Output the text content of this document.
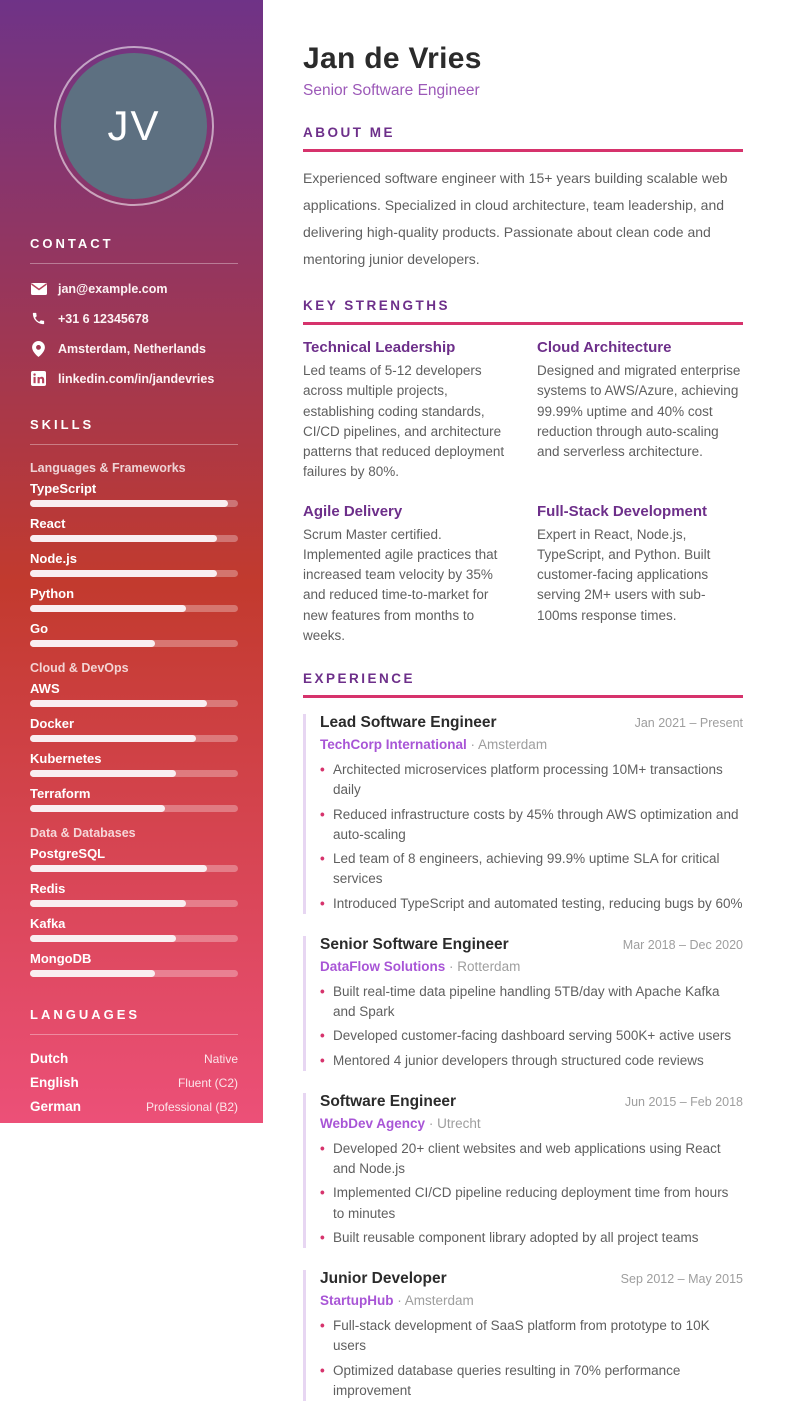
JV
CONTACT
jan@example.com
+31 6 12345678
Amsterdam, Netherlands
linkedin.com/in/jandevries
SKILLS
Languages & Frameworks
TypeScript
React
Node.js
Python
Go
Cloud & DevOps
AWS
Docker
Kubernetes
Terraform
Data & Databases
PostgreSQL
Redis
Kafka
MongoDB
LANGUAGES
Dutch	Native
English	Fluent (C2)
German	Professional (B2)
CERTIFICATIONS
AWS Solutions Architect Professional
Amazon · 2023
Certified Kubernetes Administrator
CNCF · 2022
Professional Scrum Master I
Jan de Vries
Senior Software Engineer
ABOUT ME

Experienced software engineer with 15+ years building scalable web applications. Specialized in cloud architecture, team leadership, and delivering high-quality products. Passionate about clean code and mentoring junior developers.

KEY STRENGTHS
Technical Leadership
Led teams of 5-12 developers across multiple projects, establishing coding standards, CI/CD pipelines, and architecture patterns that reduced deployment failures by 80%.
Cloud Architecture
Designed and migrated enterprise systems to AWS/Azure, achieving 99.99% uptime and 40% cost reduction through auto-scaling and serverless architecture.
Agile Delivery
Scrum Master certified. Implemented agile practices that increased team velocity by 35% and reduced time-to-market for new features from months to weeks.
Full-Stack Development
Expert in React, Node.js, TypeScript, and Python. Built customer-facing applications serving 2M+ users with sub-100ms response times.
EXPERIENCE
Lead Software Engineer	Jan 2021 – Present
TechCorp International · Amsterdam
• Architected microservices platform processing 10M+ transactions daily
• Reduced infrastructure costs by 45% through AWS optimization and auto-scaling
• Led team of 8 engineers, achieving 99.9% uptime SLA for critical services
• Introduced TypeScript and automated testing, reducing bugs by 60%
Senior Software Engineer	Mar 2018 – Dec 2020
DataFlow Solutions · Rotterdam
• Built real-time data pipeline handling 5TB/day with Apache Kafka and Spark
• Developed customer-facing dashboard serving 500K+ active users
• Mentored 4 junior developers through structured code reviews
Software Engineer	Jun 2015 – Feb 2018
WebDev Agency · Utrecht
• Developed 20+ client websites and web applications using React and Node.js
• Implemented CI/CD pipeline reducing deployment time from hours to minutes
• Built reusable component library adopted by all project teams
Junior Developer	Sep 2012 – May 2015
StartupHub · Amsterdam
• Full-stack development of SaaS platform from prototype to 10K users
• Optimized database queries resulting in 70% performance improvement
